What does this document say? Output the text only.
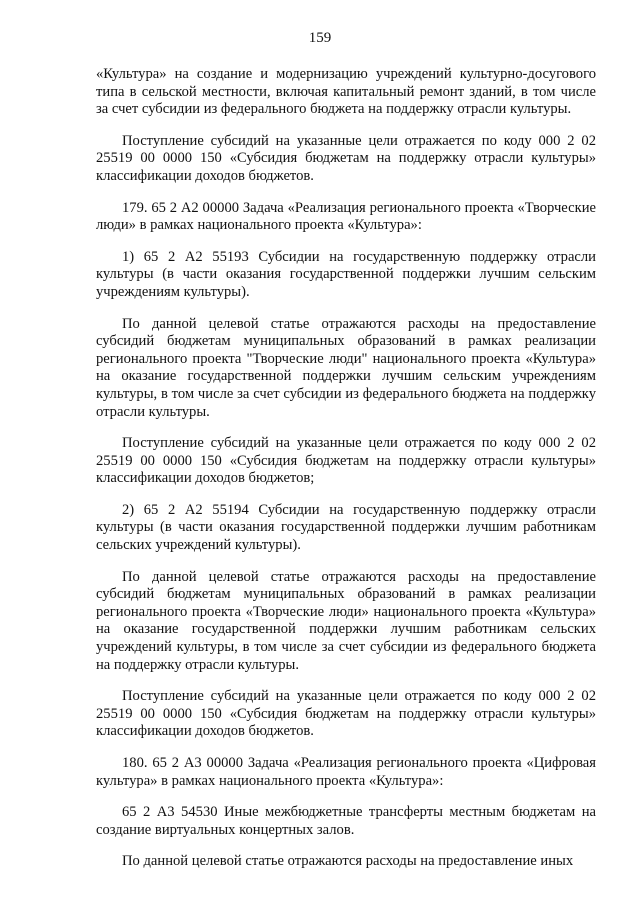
159

«Культура» на создание и модернизацию учреждений культурно-досугового типа в сельской местности, включая капитальный ремонт зданий, в том числе за счет субсидии из федерального бюджета на поддержку отрасли культуры.

Поступление субсидий на указанные цели отражается по коду 000 2 02 25519 00 0000 150 «Субсидия бюджетам на поддержку отрасли культуры» классификации доходов бюджетов.

179. 65 2 А2 00000 Задача «Реализация регионального проекта «Творческие люди» в рамках национального проекта «Культура»:

1) 65 2 А2 55193 Субсидии на государственную поддержку отрасли культуры (в части оказания государственной поддержки лучшим сельским учреждениям культуры).

По данной целевой статье отражаются расходы на предоставление субсидий бюджетам муниципальных образований в рамках реализации регионального проекта "Творческие люди" национального проекта «Культура» на оказание государственной поддержки лучшим сельским учреждениям культуры, в том числе за счет субсидии из федерального бюджета на поддержку отрасли культуры.

Поступление субсидий на указанные цели отражается по коду 000 2 02 25519 00 0000 150 «Субсидия бюджетам на поддержку отрасли культуры» классификации доходов бюджетов;

2) 65 2 А2 55194 Субсидии на государственную поддержку отрасли культуры (в части оказания государственной поддержки лучшим работникам сельских учреждений культуры).

По данной целевой статье отражаются расходы на предоставление субсидий бюджетам муниципальных образований в рамках реализации регионального проекта «Творческие люди» национального проекта «Культура» на оказание государственной поддержки лучшим работникам сельских учреждений культуры, в том числе за счет субсидии из федерального бюджета на поддержку отрасли культуры.

Поступление субсидий на указанные цели отражается по коду 000 2 02 25519 00 0000 150 «Субсидия бюджетам на поддержку отрасли культуры» классификации доходов бюджетов.

180. 65 2 А3 00000 Задача «Реализация регионального проекта «Цифровая культура» в рамках национального проекта «Культура»:

65 2 А3 54530 Иные межбюджетные трансферты местным бюджетам на создание виртуальных концертных залов.

По данной целевой статье отражаются расходы на предоставление иных
